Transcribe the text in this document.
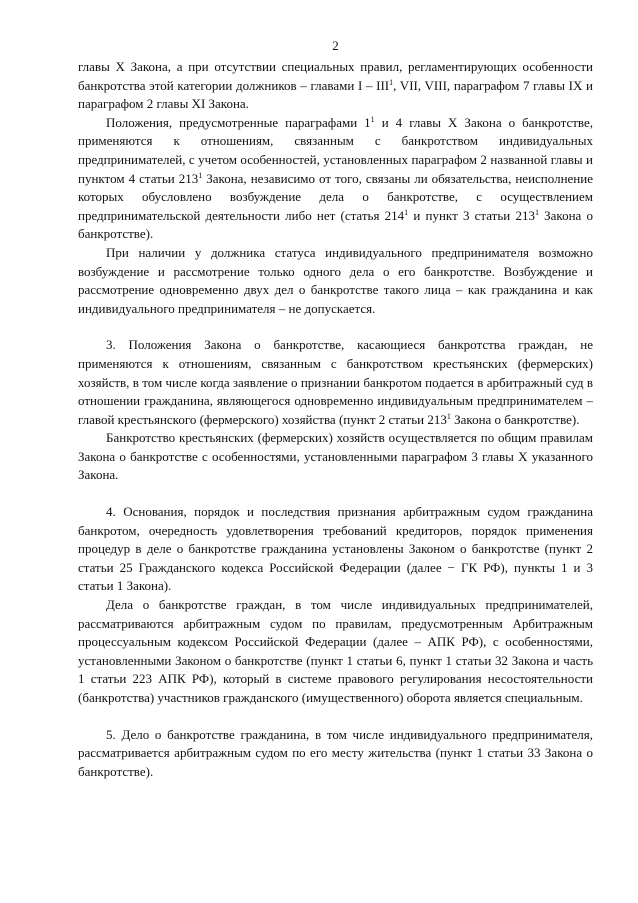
2

главы X Закона, а при отсутствии специальных правил, регламентирующих особенности банкротства этой категории должников – главами I – III$^1$, VII, VIII, параграфом 7 главы IX и параграфом 2 главы XI Закона.

Положения, предусмотренные параграфами $1^1$ и 4 главы X Закона о банкротстве, применяются к отношениям, связанным с банкротством индивидуальных предпринимателей, с учетом особенностей, установленных параграфом 2 названной главы и пунктом 4 статьи $213^1$ Закона, независимо от того, связаны ли обязательства, неисполнение которых обусловлено возбуждение дела о банкротстве, с осуществлением предпринимательской деятельности либо нет (статья $214^1$ и пункт 3 статьи $213^1$ Закона о банкротстве).

При наличии у должника статуса индивидуального предпринимателя возможно возбуждение и рассмотрение только одного дела о его банкротстве. Возбуждение и рассмотрение одновременно двух дел о банкротстве такого лица – как гражданина и как индивидуального предпринимателя – не допускается.

3. Положения Закона о банкротстве, касающиеся банкротства граждан, не применяются к отношениям, связанным с банкротством крестьянских (фермерских) хозяйств, в том числе когда заявление о признании банкротом подается в арбитражный суд в отношении гражданина, являющегося одновременно индивидуальным предпринимателем – главой крестьянского (фермерского) хозяйства (пункт 2 статьи $213^1$ Закона о банкротстве).

Банкротство крестьянских (фермерских) хозяйств осуществляется по общим правилам Закона о банкротстве с особенностями, установленными параграфом 3 главы X указанного Закона.

4. Основания, порядок и последствия признания арбитражным судом гражданина банкротом, очередность удовлетворения требований кредиторов, порядок применения процедур в деле о банкротстве гражданина установлены Законом о банкротстве (пункт 2 статьи 25 Гражданского кодекса Российской Федерации (далее − ГК РФ), пункты 1 и 3 статьи 1 Закона).

Дела о банкротстве граждан, в том числе индивидуальных предпринимателей, рассматриваются арбитражным судом по правилам, предусмотренным Арбитражным процессуальным кодексом Российской Федерации (далее – АПК РФ), с особенностями, установленными Законом о банкротстве (пункт 1 статьи 6, пункт 1 статьи 32 Закона и часть 1 статьи 223 АПК РФ), который в системе правового регулирования несостоятельности (банкротства) участников гражданского (имущественного) оборота является специальным.

5. Дело о банкротстве гражданина, в том числе индивидуального предпринимателя, рассматривается арбитражным судом по его месту жительства (пункт 1 статьи 33 Закона о банкротстве).
